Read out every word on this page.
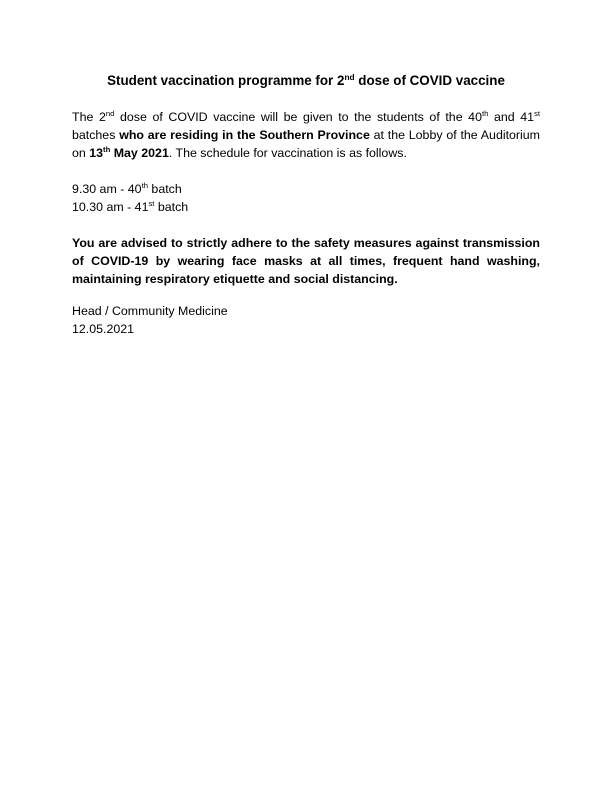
Student vaccination programme for 2nd dose of COVID vaccine

The 2nd dose of COVID vaccine will be given to the students of the 40th and 41st batches who are residing in the Southern Province at the Lobby of the Auditorium on 13th May 2021. The schedule for vaccination is as follows.

9.30 am - 40th batch

10.30 am - 41st batch

You are advised to strictly adhere to the safety measures against transmission of COVID-19 by wearing face masks at all times, frequent hand washing, maintaining respiratory etiquette and social distancing.

Head / Community Medicine

12.05.2021
